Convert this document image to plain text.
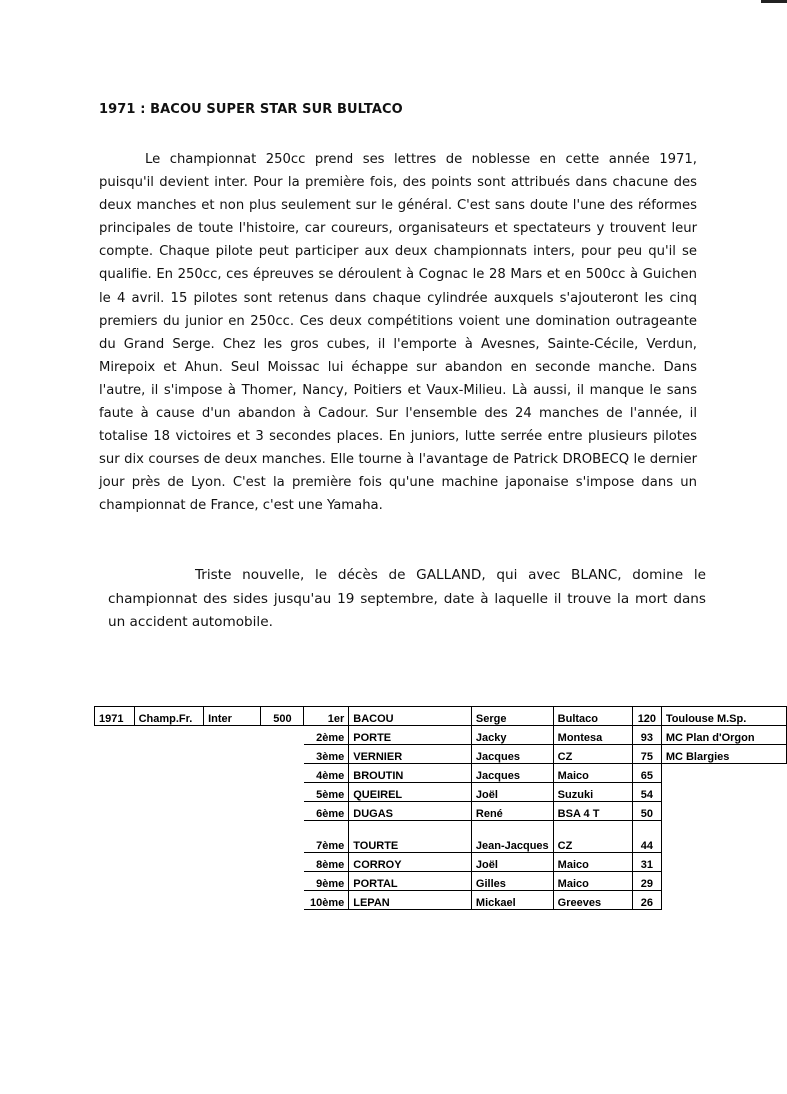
1971 : BACOU SUPER STAR SUR BULTACO

Le championnat 250cc prend ses lettres de noblesse en cette année 1971, puisqu'il devient inter. Pour la première fois, des points sont attribués dans chacune des deux manches et non plus seulement sur le général. C'est sans doute l'une des réformes principales de toute l'histoire, car coureurs, organisateurs et spectateurs y trouvent leur compte. Chaque pilote peut participer aux deux championnats inters, pour peu qu'il se qualifie. En 250cc, ces épreuves se déroulent à Cognac le 28 Mars et en 500cc à Guichen le 4 avril. 15 pilotes sont retenus dans chaque cylindrée auxquels s'ajouteront les cinq premiers du junior en 250cc. Ces deux compétitions voient une domination outrageante du Grand Serge. Chez les gros cubes, il l'emporte à Avesnes, Sainte-Cécile, Verdun, Mirepoix et Ahun. Seul Moissac lui échappe sur abandon en seconde manche. Dans l'autre, il s'impose à Thomer, Nancy, Poitiers et Vaux-Milieu. Là aussi, il manque le sans faute à cause d'un abandon à Cadour. Sur l'ensemble des 24 manches de l'année, il totalise 18 victoires et 3 secondes places. En juniors, lutte serrée entre plusieurs pilotes sur dix courses de deux manches. Elle tourne à l'avantage de Patrick DROBECQ le dernier jour près de Lyon. C'est la première fois qu'une machine japonaise s'impose dans un championnat de France, c'est une Yamaha.

Triste nouvelle, le décès de GALLAND, qui avec BLANC, domine le championnat des sides jusqu'au 19 septembre, date à laquelle il trouve la mort dans un accident automobile.

1971	Champ.Fr.	Inter	500	1er	BACOU	Serge	Bultaco	120	Toulouse M.Sp.
				2ème	PORTE	Jacky	Montesa	93	MC Plan d'Orgon
				3ème	VERNIER	Jacques	CZ	75	MC Blargies
				4ème	BROUTIN	Jacques	Maico	65	
				5ème	QUEIREL	Joël	Suzuki	54	
				6ème	DUGAS	René	BSA 4 T	50	
				7ème	TOURTE	Jean-Jacques	CZ	44	
				8ème	CORROY	Joël	Maico	31	
				9ème	PORTAL	Gilles	Maico	29	
				10ème	LEPAN	Mickael	Greeves	26	
